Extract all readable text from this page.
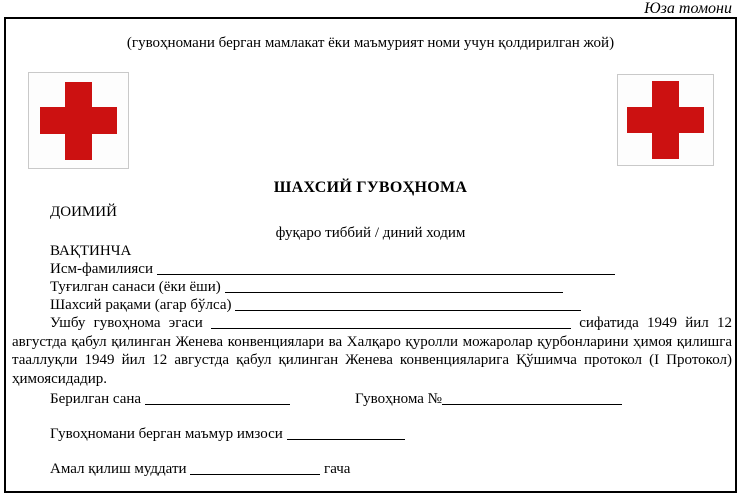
Юза томони
(гувоҳномани берган мамлакат ёки маъмурият номи учун қолдирилган жой)
ШАХСИЙ ГУВОҲНОМА
ДОИМИЙ
фуқаро тиббий / диний ходим
ВАҚТИНЧА
Исм-фамилияси
Туғилган санаси (ёки ёши)
Шахсий рақами (агар бўлса)

Ушбу гувоҳнома эгаси	сифатида 1949 йил 12 августда қабул қилинган Женева конвенциялари ва Халқаро қуролли можаролар қурбонларини ҳимоя қилишга тааллуқли 1949 йил 12 августда қабул қилинган Женева конвенцияларига Қўшимча протокол (I Протокол) ҳимоясидадир.

Берилган сана	Гувоҳнома №
Гувоҳномани берган маъмур имзоси
Амал қилиш муддати	гача
